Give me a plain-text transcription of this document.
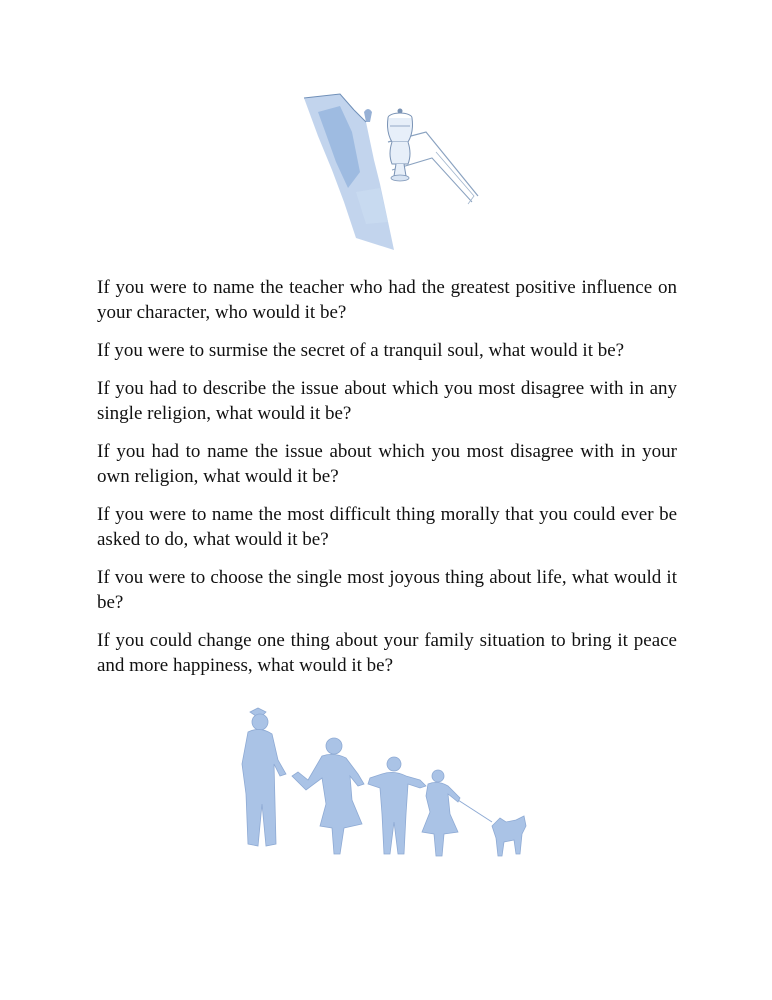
If you were to name the teacher who had the greatest positive influence on your character, who would it be?

If you were to surmise the secret of a tranquil soul, what would it be?

If you had to describe the issue about which you most disagree with in any single religion, what would it be?

If you had to name the issue about which you most disagree with in your own religion, what would it be?

If you were to name the most difficult thing morally that you could ever be asked to do, what would it be?

If vou were to choose the single most joyous thing about life, what would it be?

If you could change one thing about your family situation to bring it peace and more happiness, what would it be?
